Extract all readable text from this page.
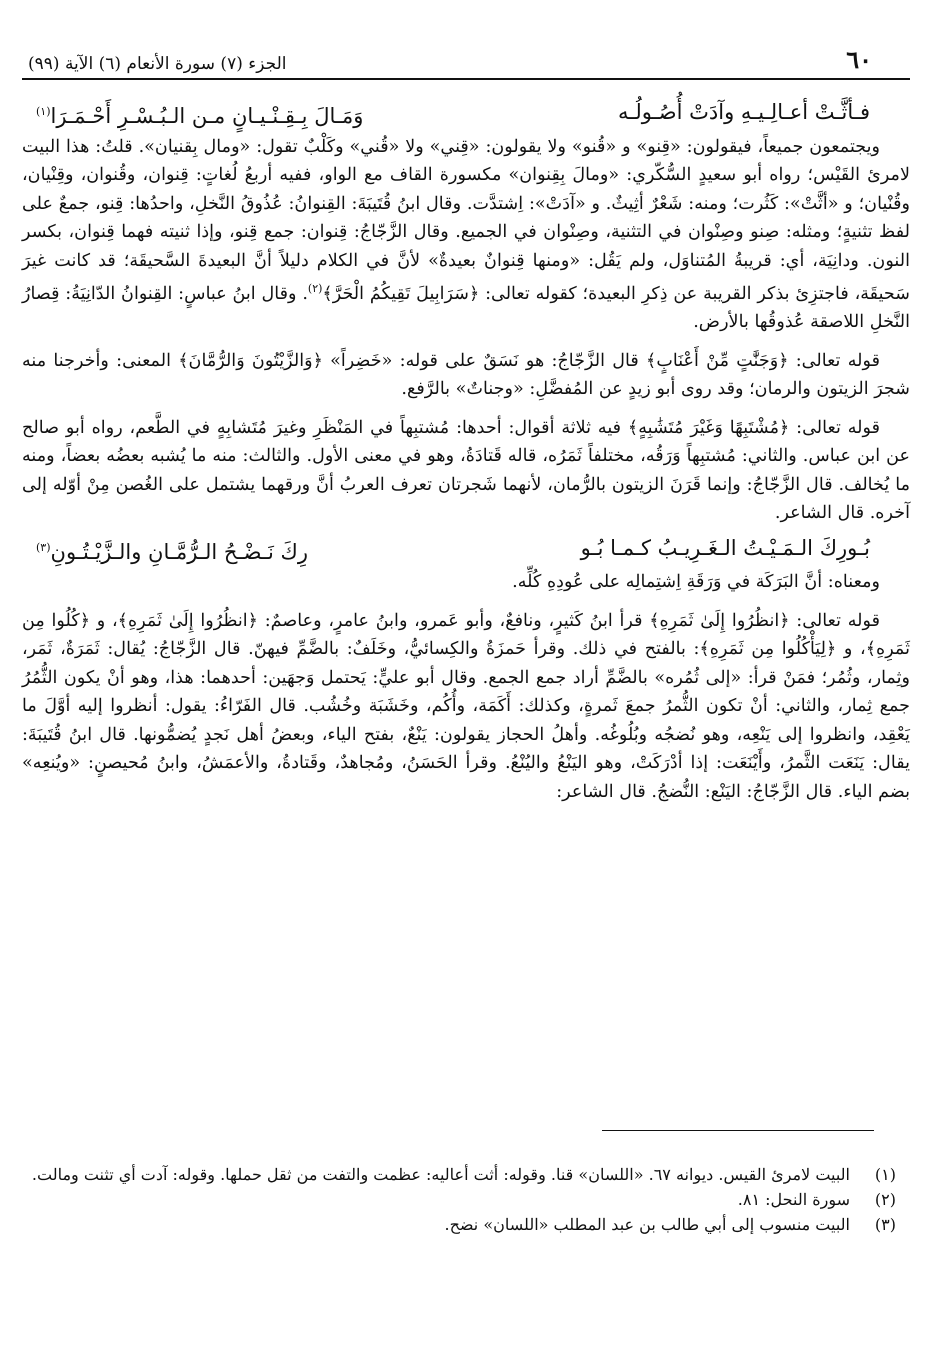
٦٠
الجزء (٧) سورة الأنعام (٦) الآية (٩٩)
فـأثَّـتْ أعـالِـيـهِ وآدَتْ أُصُـولُـه
وَمَـالَ بِـقِـنْـيـانٍ مـن الـبُـسْـرِ أَحْـمَـرَا$^{(١)}$

ويجتمعون جميعاً، فيقولون: «قِنو» و «قُنو» ولا يقولون: «قِني» ولا «قُني» وكَلْبٌ تقول: «ومال بِقنيان». قلتُ: هذا البيت لامرئ القَيْس؛ رواه أبو سعيدٍ السُّكّري: «ومالَ بِقِنوان» مكسورة القاف مع الواو، ففيه أربعُ لُغاتٍ: قِنوان، وقُنوان، وقِنْيان، وقُنْيان؛ و «أثَّتْ»: كَثُرت؛ ومنه: شَعْرٌ أثِيثٌ. و «آدَتْ»: اِشتدَّت. وقال ابنُ قُتَيبَةَ: القِنوانُ: عُذُوقُ النَّخلِ، واحدُها: قِنو، جمعٌ على لفظ تثنيةٍ؛ ومثله: صِنو وصِنْوان في التثنية، وصِنْوان في الجميع. وقال الزَّجّاجُ: قِنوان: جمع قِنو، وإذا ثنيته فهما قِنوان، بكسر النون. ودانِيَة، أي: قريبةُ المُتناوَل، ولم يَقُل: «ومنها قِنوانٌ بعيدةٌ» لأنَّ في الكلام دليلاً أنَّ البعيدةَ السَّحيقَة؛ قد كانت غيرَ سَحيقَة، فاجتزِئ بذكر القريبة عن ذِكرِ البعيدة؛ كقوله تعالى: ﴿سَرَابِيلَ تَقِيكُمُ الْحَرَّ﴾$^{(٢)}$. وقال ابنُ عباسٍ: القِنوانُ الدّانِيَةُ: قِصارُ النَّخلِ اللاصقة عُذوقُها بالأرض.

قوله تعالى: ﴿وَجَنَّٰتٍ مِّنْ أَعْنَابٍ﴾ قال الزَّجّاجُ: هو نَسَقٌ على قوله: «خَضِراً» ﴿وَالزَّيْتُونَ وَالرُّمَّانَ﴾ المعنى: وأخرجنا منه شجرَ الزيتون والرمان؛ وقد روى أبو زيدٍ عن المُفضَّلِ: «وجناتٌ» بالرَّفع.

قوله تعالى: ﴿مُشْتَبِهًا وَغَيْرَ مُتَشَٰبِهٍ﴾ فيه ثلاثة أقوال: أحدها: مُشتبِهاً في المَنْظَرِ وغيرَ مُتَشابِهٍ في الطَّعم، رواه أبو صالح عن ابن عباس. والثاني: مُشتبِهاً وَرَقُه، مختلفاً ثَمَرُه، قاله قَتادَةُ، وهو في معنى الأول. والثالث: منه ما يُشبه بعضُه بعضاً، ومنه ما يُخالف. قال الزَّجّاجُ: وإنما قَرَنَ الزيتون بالرُّمان، لأنهما شَجرتان تعرف العربُ أنَّ ورقهما يشتمل على الغُصن مِنْ أوّله إلى آخره. قال الشاعر.

بُـورِكَ الـمَـيْـتُ الـغَـرِيـبُ كـمـا بُـو
رِكَ نَـضْـحُ الـرُّمَّـانِ والـزَّيْـتُـونِ$^{(٣)}$

ومعناه: أنَّ البَرَكَة في وَرَقَةِ اِشتِمالِه على عُودِهِ كُلِّه.

قوله تعالى: ﴿انظُرُوا إِلَىٰ ثَمَرِهِ﴾ قرأ ابنُ كَثيرٍ، ونافعٌ، وأبو عَمرو، وابنُ عامرٍ، وعاصمٌ: ﴿انظُرُوا إِلَىٰ ثَمَرِهِ﴾، و ﴿كُلُوا مِن ثَمَرِهِ﴾، و ﴿لِيَأْكُلُوا مِن ثَمَرِهِ﴾: بالفتح في ذلك. وقرأ حَمزَةُ والكِسائيُّ، وخَلَفٌ: بالضَّمِّ فيهنّ. قال الزَّجّاجُ: يُقال: ثَمَرَةٌ، ثَمَر، وثِمار، وثُمُر؛ فمَنْ قرأ: «إلى ثُمُره» بالضَّمِّ أراد جمع الجمع. وقال أبو عليٍّ: يَحتمل وَجهَين: أحدهما: هذا، وهو أنْ يكون الثُّمُرُ جمع ثِمار، والثاني: أنْ تكون الثُّمرُ جمعَ ثَمرةٍ، وكذلك: أَكَمَة، وأُكُم، وخَشَبَة وخُشُب. قال الفَرّاءُ: يقول: أنظروا إليه أوَّلَ ما يَعْقِد، وانظروا إلى يَنْعِه، وهو نُضجُه وبُلُوغُه. وأهلُ الحجاز يقولون: يَنْعٌ، بفتح الياء، وبعضُ أهل نَجدٍ يُضمُّونها. قال ابنُ قُتَيبَةَ: يقال: يَنَعَت الثَّمرُ، وأَيْنَعَت: إذا أدْرَكَتْ، وهو اليَنْعُ واليُنْعُ. وقرأ الحَسَنُ، ومُجاهدٌ، وقَتادةُ، والأعمَشُ، وابنُ مُحيصنٍ: «ويُنعِه» بضم الياء. قال الزَّجّاجُ: اليَنْع: النُّضجُ. قال الشاعر:

(١)
البيت لامرئ القيس. ديوانه ٦٧. «اللسان» قنا. وقوله: أثت أعاليه: عظمت والتفت من ثقل حملها. وقوله: آدت أي تثنت ومالت.
(٢)
سورة النحل: ٨١.
(٣)
البيت منسوب إلى أبي طالب بن عبد المطلب «اللسان» نضح.
